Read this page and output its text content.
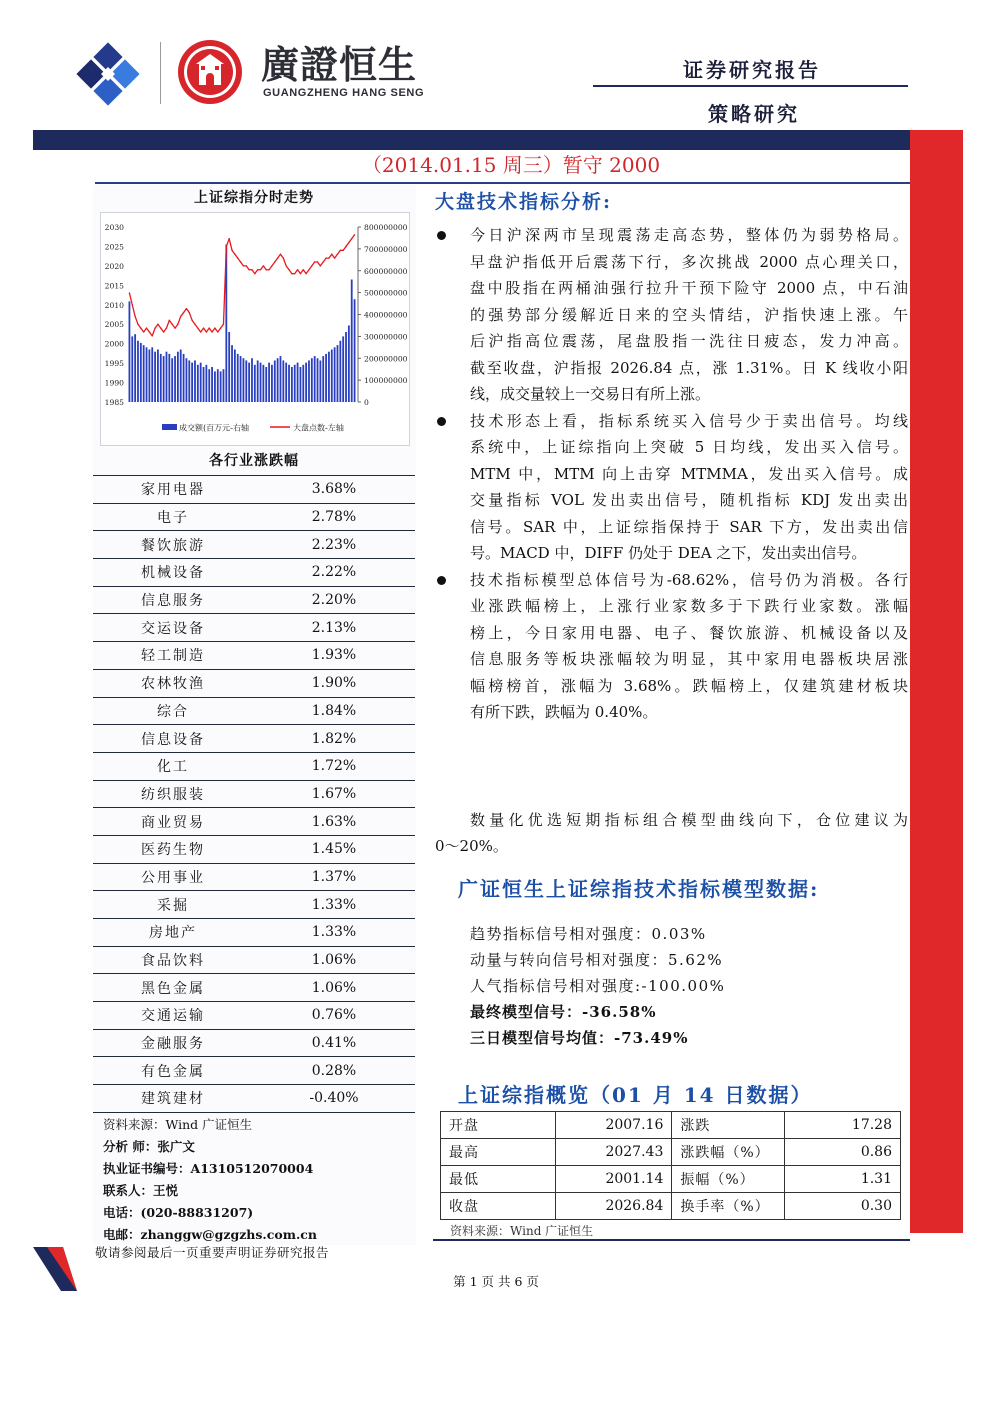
廣證恒生
GUANGZHENG HANG SENG
证券研究报告
策略研究
（2014.01.15 周三）暂守 2000
上证综指分时走势
2030
2025
2020
2015
2010
2005
2000
1995
1990
1985
800000000
700000000
600000000
500000000
400000000
300000000
200000000
100000000
0
成交额(百万元-右轴	大盘点数-左轴
各行业涨跌幅
家用电器	3.68%
电子	2.78%
餐饮旅游	2.23%
机械设备	2.22%
信息服务	2.20%
交运设备	2.13%
轻工制造	1.93%
农林牧渔	1.90%
综合	1.84%
信息设备	1.82%
化工	1.72%
纺织服装	1.67%
商业贸易	1.63%
医药生物	1.45%
公用事业	1.37%
采掘	1.33%
房地产	1.33%
食品饮料	1.06%
黑色金属	1.06%
交通运输	0.76%
金融服务	0.41%
有色金属	0.28%
建筑建材	-0.40%
资料来源：Wind 广证恒生
分析 师：张广文
执业证书编号：A1310512070004
联系人：王悦
电话：(020-88831207)
电邮：zhanggw@gzgzhs.com.cn
大盘技术指标分析:
今日沪深两市呈现震荡走高态势，整体仍为弱势格局。
早盘沪指低开后震荡下行，多次挑战 2000 点心理关口，
盘中股指在两桶油强行拉升干预下险守 2000 点，中石油
的强势部分缓解近日来的空头情结，沪指快速上涨。午
后沪指高位震荡，尾盘股指一洗往日疲态，发力冲高。
截至收盘，沪指报 2026.84 点，涨 1.31%。日 K 线收小阳
线，成交量较上一交易日有所上涨。
技术形态上看，指标系统买入信号少于卖出信号。均线
系统中，上证综指向上突破 5 日均线，发出买入信号。
MTM 中，MTM 向上击穿 MTMMA，发出买入信号。成
交量指标 VOL 发出卖出信号，随机指标 KDJ 发出卖出
信号。SAR 中，上证综指保持于 SAR 下方，发出卖出信
号。MACD 中，DIFF 仍处于 DEA 之下，发出卖出信号。
技术指标模型总体信号为-68.62%，信号仍为消极。各行
业涨跌幅榜上，上涨行业家数多于下跌行业家数。涨幅
榜上，今日家用电器、电子、餐饮旅游、机械设备以及
信息服务等板块涨幅较为明显，其中家用电器板块居涨
幅榜榜首，涨幅为 3.68%。跌幅榜上，仅建筑建材板块
有所下跌，跌幅为 0.40%。
数量化优选短期指标组合模型曲线向下，仓位建议为
0～20%。
广证恒生上证综指技术指标模型数据:
趋势指标信号相对强度：0.03%
动量与转向信号相对强度：5.62%
人气指标信号相对强度:-100.00%
最终模型信号：-36.58%
三日模型信号均值：-73.49%
上证综指概览（01 月 14 日数据）
开盘	2007.16	涨跌	17.28
最高	2027.43	涨跌幅（%）	0.86
最低	2001.14	振幅（%）	1.31
收盘	2026.84	换手率（%）	0.30
资料来源：Wind 广证恒生
敬请参阅最后一页重要声明证券研究报告
第 1 页 共 6 页
